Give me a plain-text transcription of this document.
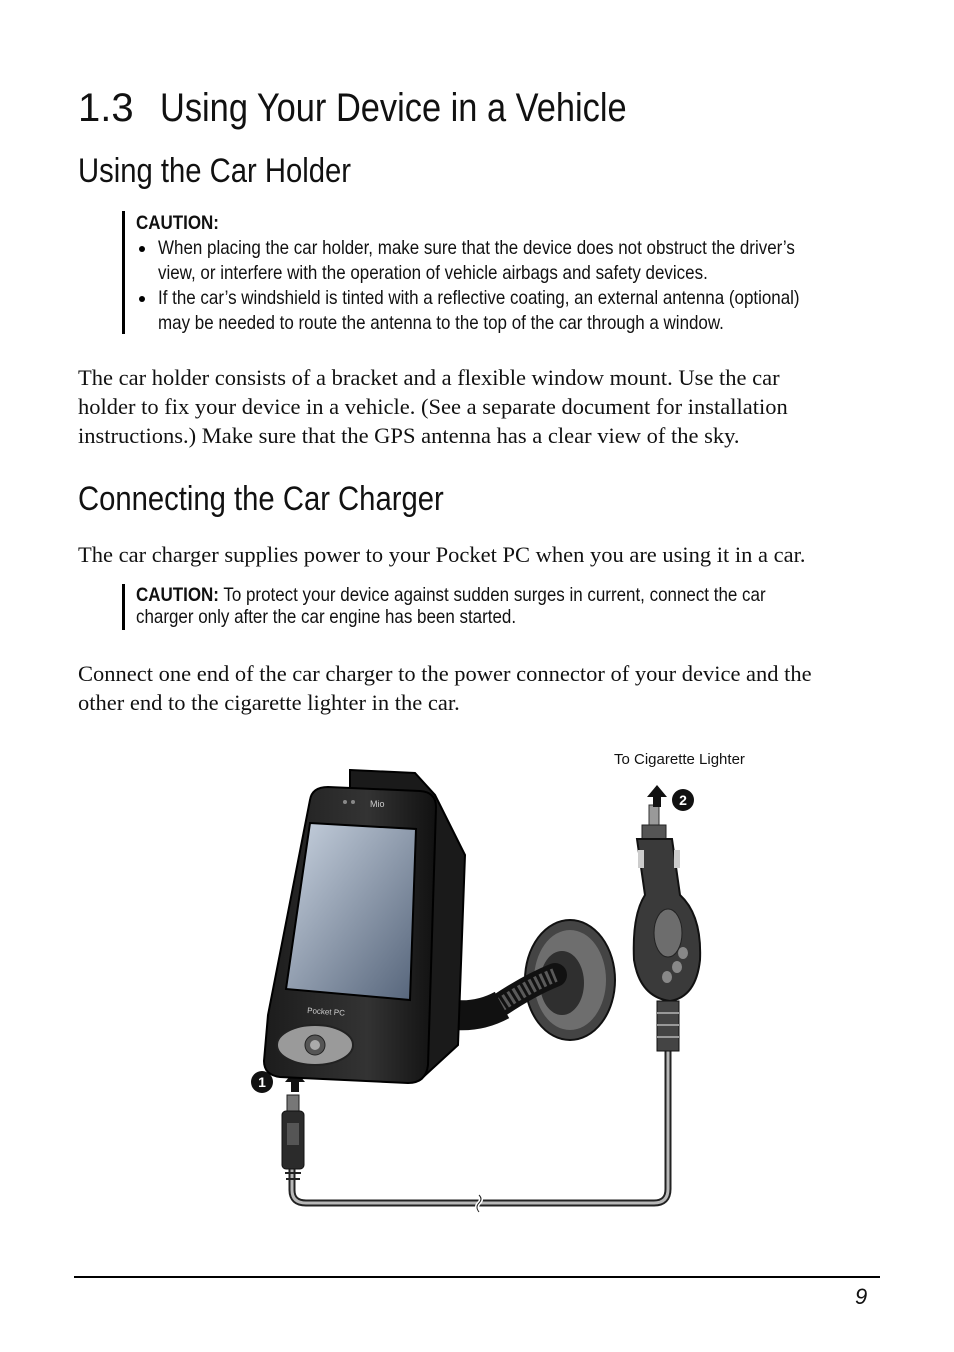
1.3 Using Your Device in a Vehicle
Using the Car Holder
CAUTION:
When placing the car holder, make sure that the device does not obstruct the driver’s
view, or interfere with the operation of vehicle airbags and safety devices.
If the car’s windshield is tinted with a reflective coating, an external antenna (optional)
may be needed to route the antenna to the top of the car through a window.

The car holder consists of a bracket and a flexible window mount. Use the car
holder to fix your device in a vehicle. (See a separate document for installation
instructions.) Make sure that the GPS antenna has a clear view of the sky.

Connecting the Car Charger

The car charger supplies power to your Pocket PC when you are using it in a car.

CAUTION: To protect your device against sudden surges in current, connect the car
charger only after the car engine has been started.

Connect one end of the car charger to the power connector of your device and the
other end to the cigarette lighter in the car.

To Cigarette Lighter
1
2
Mio
Pocket PC
9
